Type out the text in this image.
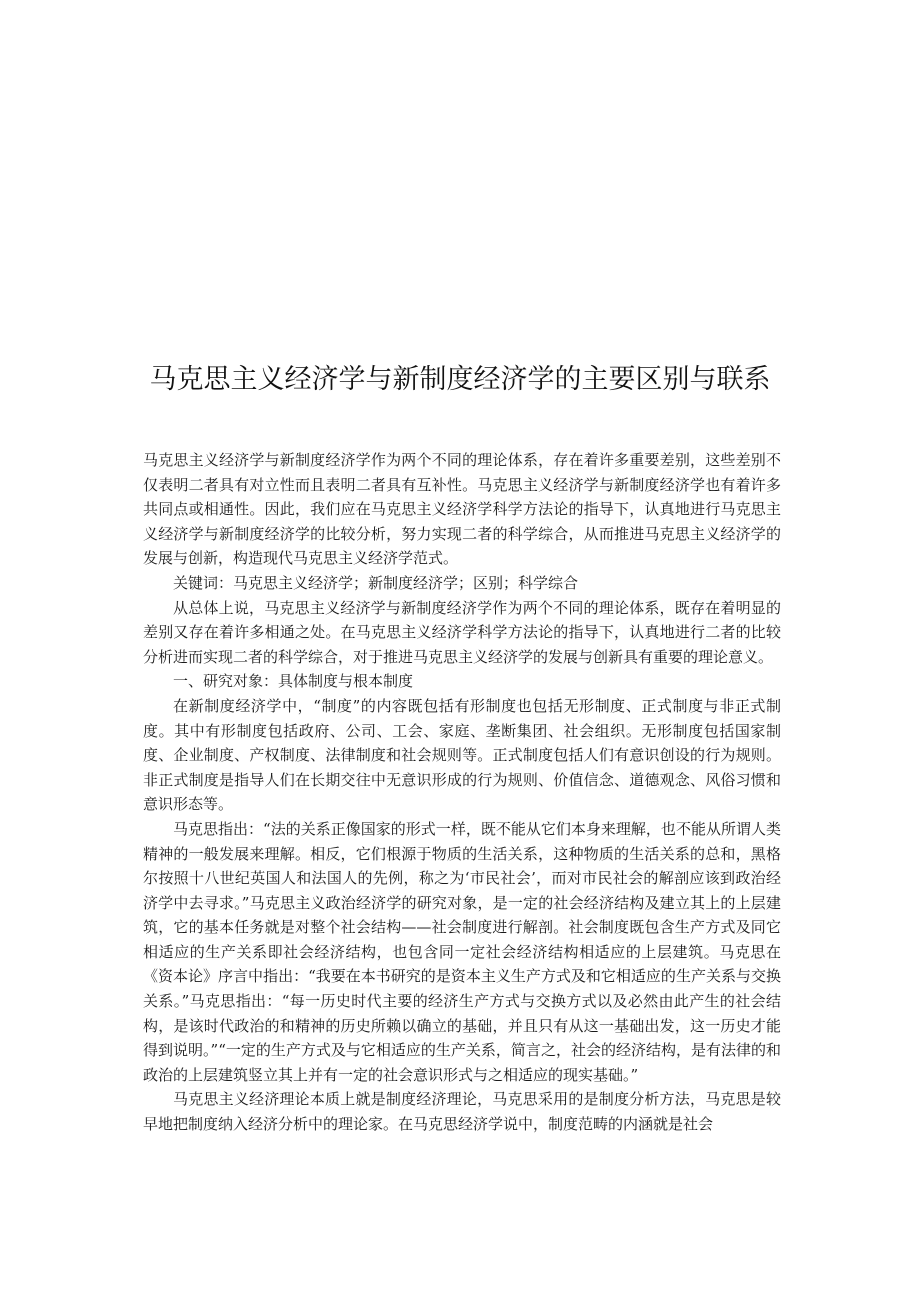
马克思主义经济学与新制度经济学的主要区别与联系

马克思主义经济学与新制度经济学作为两个不同的理论体系，存在着许多重要差别，这些差别不仅表明二者具有对立性而且表明二者具有互补性。马克思主义经济学与新制度经济学也有着许多共同点或相通性。因此，我们应在马克思主义经济学科学方法论的指导下，认真地进行马克思主义经济学与新制度经济学的比较分析，努力实现二者的科学综合，从而推进马克思主义经济学的发展与创新，构造现代马克思主义经济学范式。

关键词：马克思主义经济学；新制度经济学；区别；科学综合

从总体上说，马克思主义经济学与新制度经济学作为两个不同的理论体系，既存在着明显的差别又存在着许多相通之处。在马克思主义经济学科学方法论的指导下，认真地进行二者的比较分析进而实现二者的科学综合，对于推进马克思主义经济学的发展与创新具有重要的理论意义。

一、研究对象：具体制度与根本制度

在新制度经济学中，“制度”的内容既包括有形制度也包括无形制度、正式制度与非正式制度。其中有形制度包括政府、公司、工会、家庭、垄断集团、社会组织。无形制度包括国家制度、企业制度、产权制度、法律制度和社会规则等。正式制度包括人们有意识创设的行为规则。非正式制度是指导人们在长期交往中无意识形成的行为规则、价值信念、道德观念、风俗习惯和意识形态等。

马克思指出：“法的关系正像国家的形式一样，既不能从它们本身来理解，也不能从所谓人类精神的一般发展来理解。相反，它们根源于物质的生活关系，这种物质的生活关系的总和，黑格尔按照十八世纪英国人和法国人的先例，称之为‘市民社会’，而对市民社会的解剖应该到政治经济学中去寻求。”马克思主义政治经济学的研究对象，是一定的社会经济结构及建立其上的上层建筑，它的基本任务就是对整个社会结构——社会制度进行解剖。社会制度既包含生产方式及同它相适应的生产关系即社会经济结构，也包含同一定社会经济结构相适应的上层建筑。马克思在《资本论》序言中指出：“我要在本书研究的是资本主义生产方式及和它相适应的生产关系与交换关系。”马克思指出：“每一历史时代主要的经济生产方式与交换方式以及必然由此产生的社会结构，是该时代政治的和精神的历史所赖以确立的基础，并且只有从这一基础出发，这一历史才能得到说明。”“一定的生产方式及与它相适应的生产关系，简言之，社会的经济结构，是有法律的和政治的上层建筑竖立其上并有一定的社会意识形式与之相适应的现实基础。”

马克思主义经济理论本质上就是制度经济理论，马克思采用的是制度分析方法，马克思是较早地把制度纳入经济分析中的理论家。在马克思经济学说中，制度范畴的内涵就是社会
